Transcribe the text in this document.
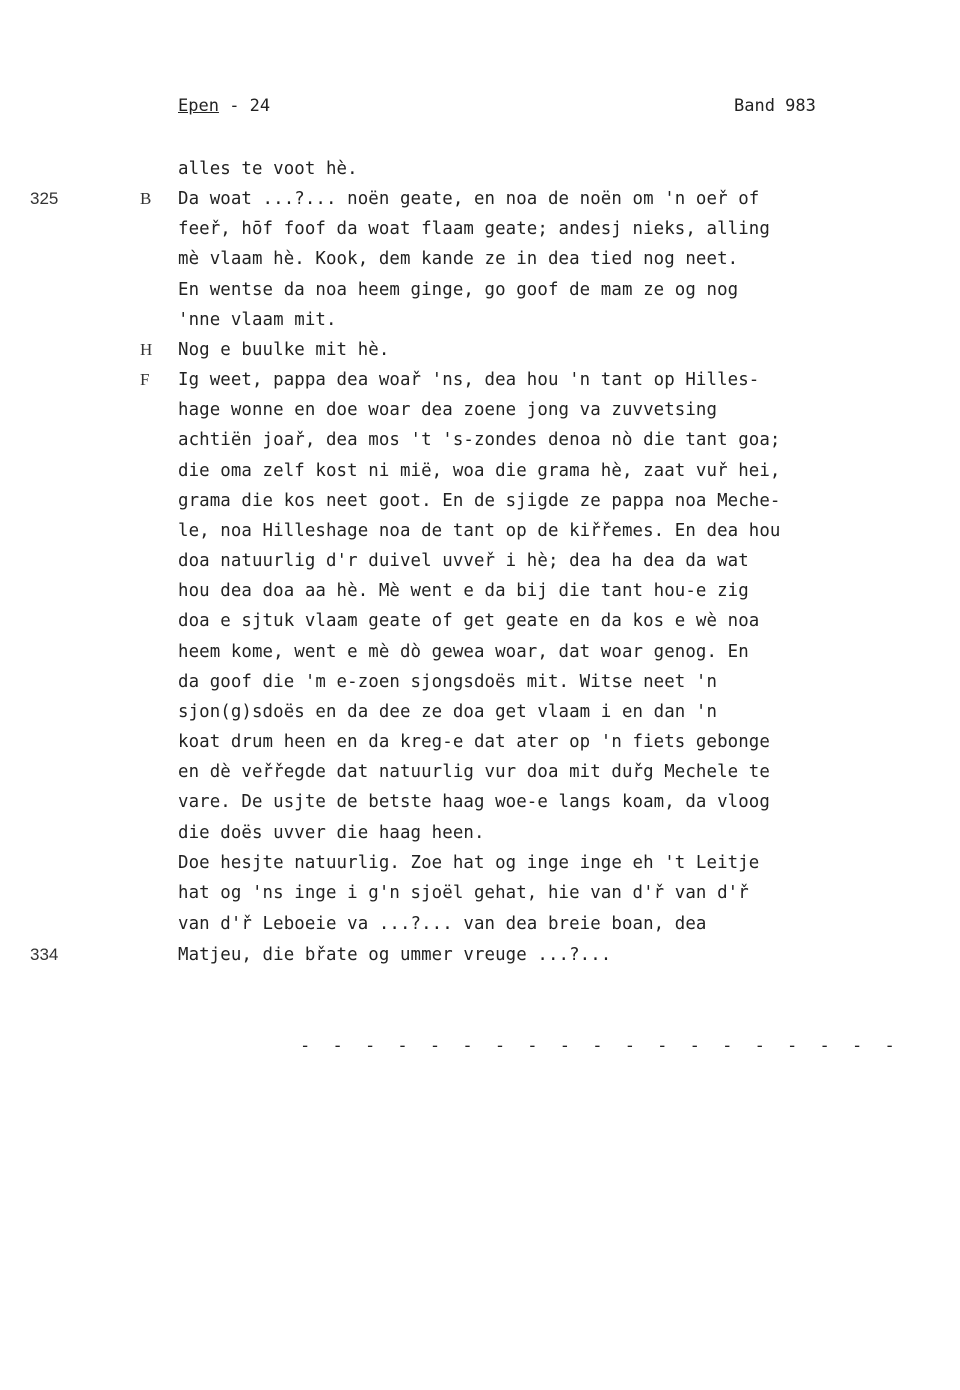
Epen - 24	Band 983
325
334
B
H
F
alles te voot hè.
Da woat ...?... noën geate, en noa de noën om 'n oeř of
feeř, hōf foof da woat flaam geate; andesj nieks, alling
mè vlaam hè. Kook, dem kande ze in dea tied nog neet.
En wentse da noa heem ginge, go goof de mam ze og nog
'nne vlaam mit.
Nog e buulke mit hè.
Ig weet, pappa dea woař 'ns, dea hou 'n tant op Hilles-
hage wonne en doe woar dea zoene jong va zuvvetsing
achtiën joař, dea mos 't 's-zondes denoa nò die tant goa;
die oma zelf kost ni mië, woa die grama hè, zaat vuř hei,
grama die kos neet goot. En de sjigde ze pappa noa Meche-
le, noa Hilleshage noa de tant op de kiřřemes. En dea hou
doa natuurlig d'r duivel uvveř i hè; dea ha dea da wat
hou dea doa aa hè. Mè went e da bij die tant hou-e zig
doa e sjtuk vlaam geate of get geate en da kos e wè noa
heem kome, went e mè dò gewea woar, dat woar genog. En
da goof die 'm e-zoen sjongsdoës mit. Witse neet 'n
sjon(g)sdoës en da dee ze doa get vlaam i en dan 'n
koat drum heen en da kreg-e dat ater op 'n fiets gebonge
en dè veřřegde dat natuurlig vur doa mit duřg Mechele te
vare. De usjte de betste haag woe-e langs koam, da vloog
die doës uvver die haag heen.
Doe hesjte natuurlig. Zoe hat og inge inge eh 't Leitje
hat og 'ns inge i g'n sjoël gehat, hie van d'ř van d'ř
van d'ř Leboeie va ...?... van dea breie boan, dea
Matjeu, die břate og ummer vreuge ...?...
- - - - - - - - - - - - - - - - - - -
